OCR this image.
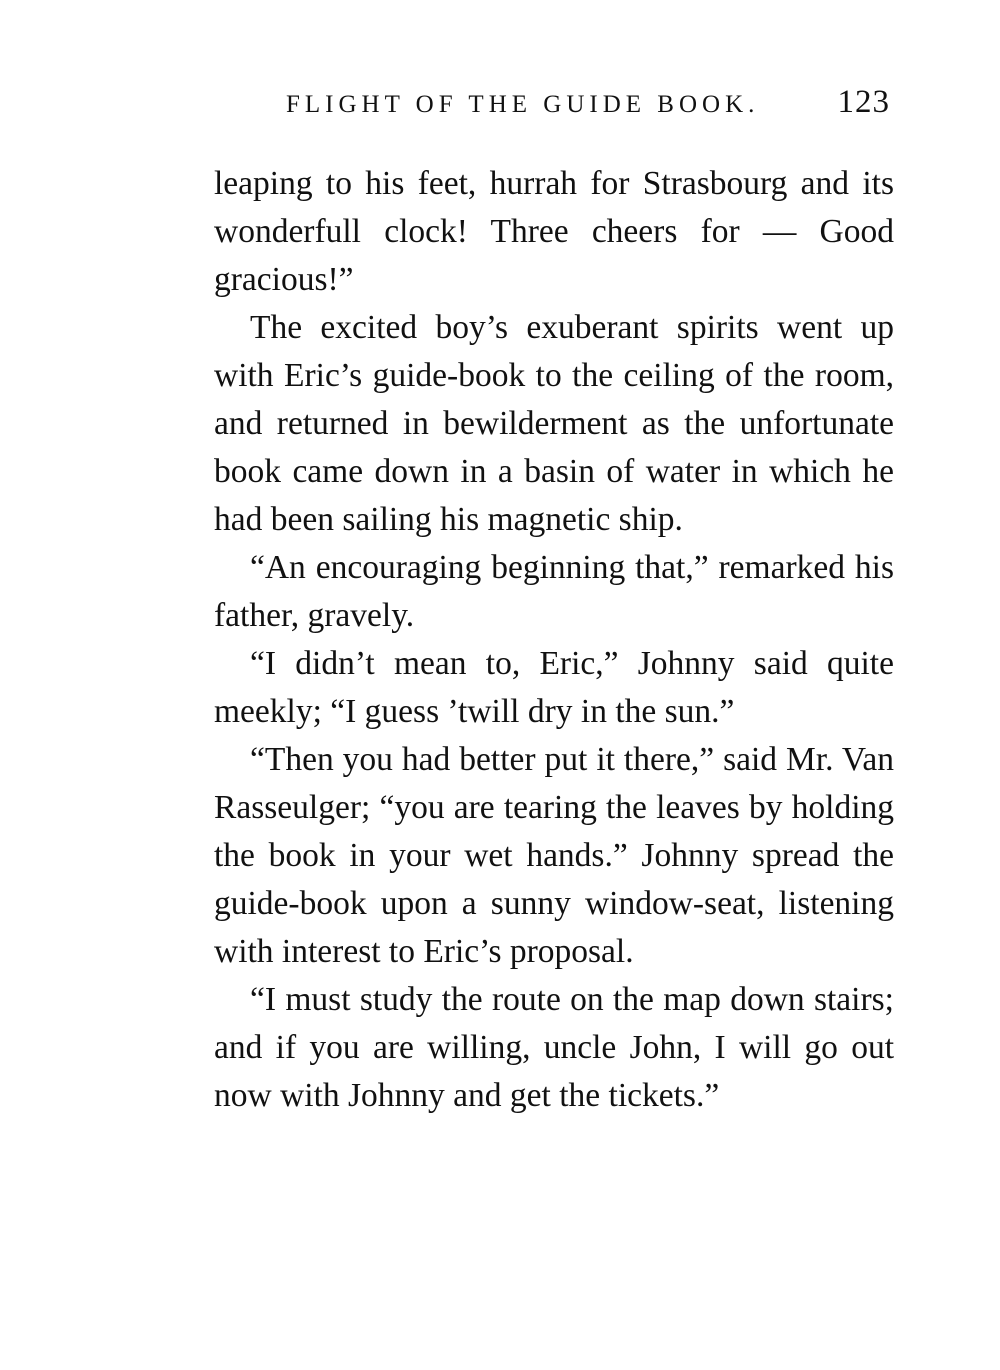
FLIGHT OF THE GUIDE BOOK. 123

leaping to his feet, hurrah for Strasbourg and its wonderfull clock! Three cheers for — Good gracious!”

The excited boy’s exuberant spirits went up with Eric’s guide-book to the ceiling of the room, and returned in bewilderment as the unfortunate book came down in a basin of water in which he had been sailing his magnetic ship.

“An encouraging beginning that,” remarked his father, gravely.

“I didn’t mean to, Eric,” Johnny said quite meekly; “I guess ’twill dry in the sun.”

“Then you had better put it there,” said Mr. Van Rasseulger; “you are tearing the leaves by holding the book in your wet hands.” Johnny spread the guide-book upon a sunny window-seat, listening with interest to Eric’s proposal.

“I must study the route on the map down stairs; and if you are willing, uncle John, I will go out now with Johnny and get the tickets.”
